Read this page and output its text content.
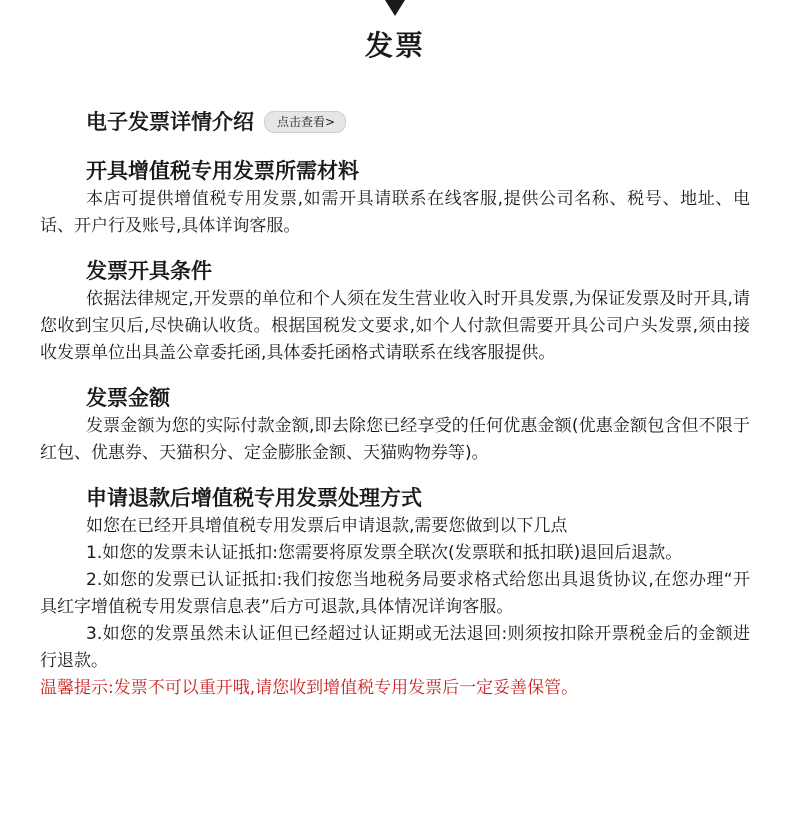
发票
电子发票详情介绍	点击查看>
开具增值税专用发票所需材料

本店可提供增值税专用发票,如需开具请联系在线客服,提供公司名称、税号、地址、电话、开户行及账号,具体详询客服。

发票开具条件

依据法律规定,开发票的单位和个人须在发生营业收入时开具发票,为保证发票及时开具,请您收到宝贝后,尽快确认收货。根据国税发文要求,如个人付款但需要开具公司户头发票,须由接收发票单位出具盖公章委托函,具体委托函格式请联系在线客服提供。

发票金额

发票金额为您的实际付款金额,即去除您已经享受的任何优惠金额(优惠金额包含但不限于红包、优惠券、天猫积分、定金膨胀金额、天猫购物券等)。

申请退款后增值税专用发票处理方式

如您在已经开具增值税专用发票后申请退款,需要您做到以下几点

1.如您的发票未认证抵扣:您需要将原发票全联次(发票联和抵扣联)退回后退款。

2.如您的发票已认证抵扣:我们按您当地税务局要求格式给您出具退货协议,在您办理“开具红字增值税专用发票信息表”后方可退款,具体情况详询客服。

3.如您的发票虽然未认证但已经超过认证期或无法退回:则须按扣除开票税金后的金额进行退款。

温馨提示:发票不可以重开哦,请您收到增值税专用发票后一定妥善保管。
